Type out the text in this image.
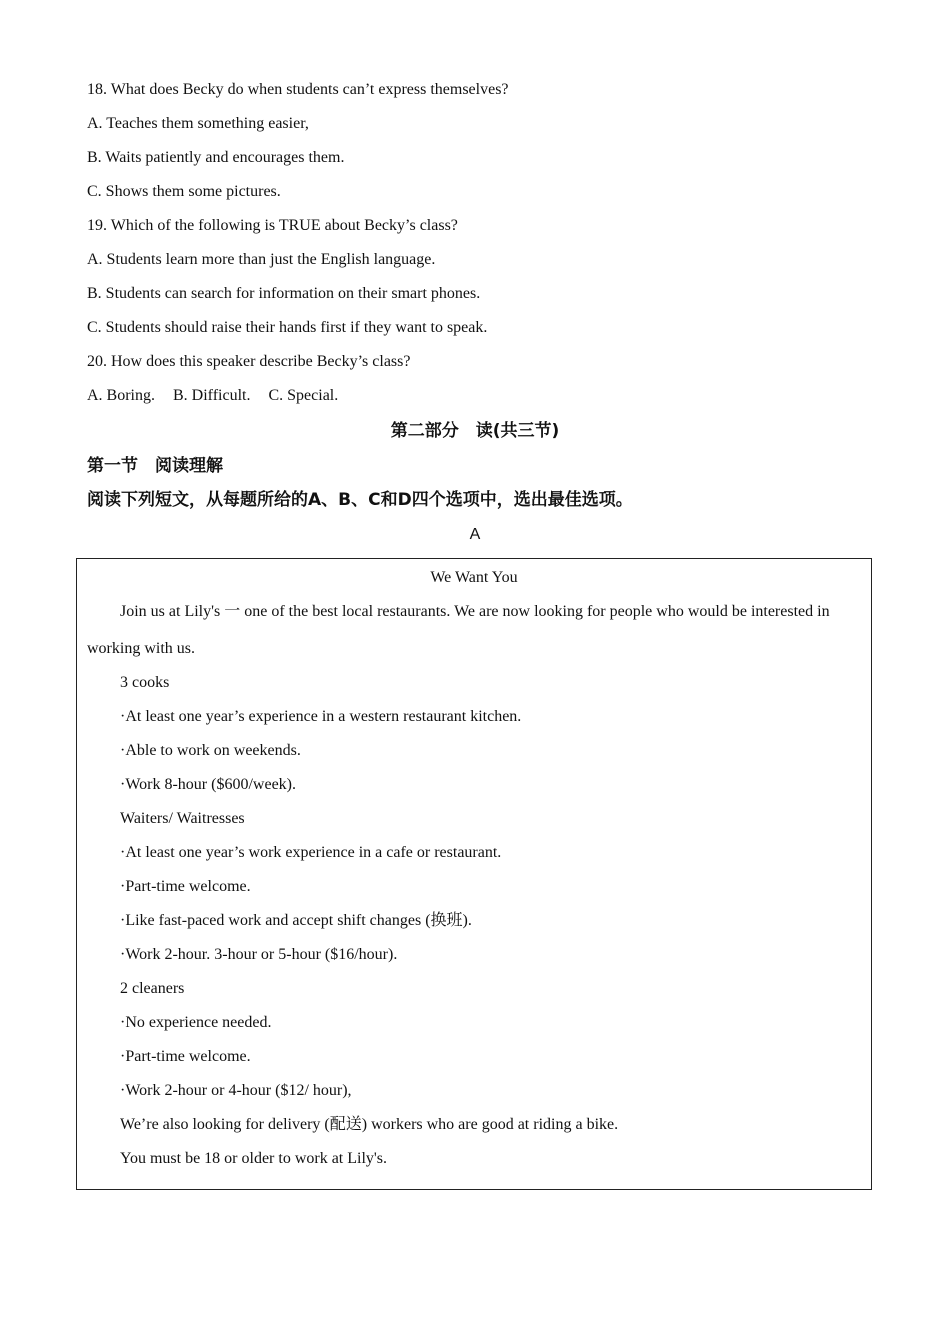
18. What does Becky do when students can’t express themselves?
A. Teaches them something easier,
B. Waits patiently and encourages them.
C. Shows them some pictures.
19. Which of the following is TRUE about Becky’s class?
A. Students learn more than just the English language.
B. Students can search for information on their smart phones.
C. Students should raise their hands first if they want to speak.
20. How does this speaker describe Becky’s class?
A. Boring. B. Difficult. C. Special.
第二部分　读(共三节)
第一节　阅读理解
阅读下列短文，从每题所给的A、B、C和D四个选项中，选出最佳选项。
A
We Want You
Join us at Lily's 一 one of the best local restaurants. We are now looking for people who would be interested in
working with us.
3 cooks
·At least one year’s experience in a western restaurant kitchen.
·Able to work on weekends.
·Work 8-hour ($600/week).
Waiters/ Waitresses
·At least one year’s work experience in a cafe or restaurant.
·Part-time welcome.
·Like fast-paced work and accept shift changes (换班).
·Work 2-hour. 3-hour or 5-hour ($16/hour).
2 cleaners
·No experience needed.
·Part-time welcome.
·Work 2-hour or 4-hour ($12/ hour),
We’re also looking for delivery (配送) workers who are good at riding a bike.
You must be 18 or older to work at Lily's.
